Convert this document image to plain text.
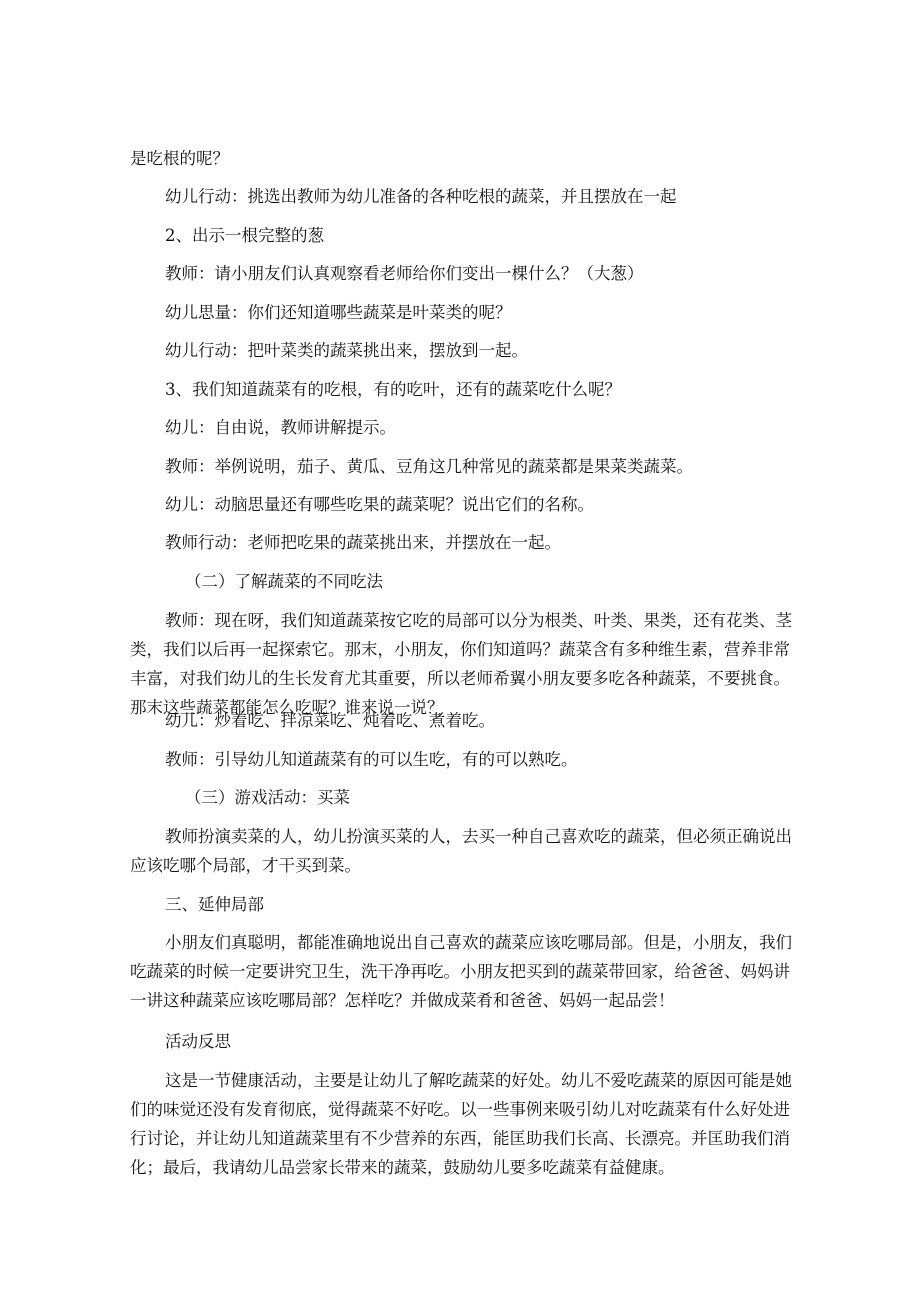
是吃根的呢？

幼儿行动：挑选出教师为幼儿准备的各种吃根的蔬菜，并且摆放在一起

2、出示一根完整的葱

教师：请小朋友们认真观察看老师给你们变出一棵什么？（大葱）

幼儿思量：你们还知道哪些蔬菜是叶菜类的呢？

幼儿行动：把叶菜类的蔬菜挑出来，摆放到一起。

3、我们知道蔬菜有的吃根，有的吃叶，还有的蔬菜吃什么呢？

幼儿：自由说，教师讲解提示。

教师：举例说明，茄子、黄瓜、豆角这几种常见的蔬菜都是果菜类蔬菜。

幼儿：动脑思量还有哪些吃果的蔬菜呢？说出它们的名称。

教师行动：老师把吃果的蔬菜挑出来，并摆放在一起。

（二）了解蔬菜的不同吃法

教师：现在呀，我们知道蔬菜按它吃的局部可以分为根类、叶类、果类，还有花类、茎类，我们以后再一起探索它。那末，小朋友，你们知道吗？蔬菜含有多种维生素，营养非常丰富，对我们幼儿的生长发育尤其重要，所以老师希翼小朋友要多吃各种蔬菜，不要挑食。那末这些蔬菜都能怎么吃呢？谁来说一说？

幼儿：炒着吃、拌凉菜吃、炖着吃、煮着吃。

教师：引导幼儿知道蔬菜有的可以生吃，有的可以熟吃。

（三）游戏活动：买菜

教师扮演卖菜的人，幼儿扮演买菜的人，去买一种自己喜欢吃的蔬菜，但必须正确说出应该吃哪个局部，才干买到菜。

三、延伸局部

小朋友们真聪明，都能准确地说出自己喜欢的蔬菜应该吃哪局部。但是，小朋友，我们吃蔬菜的时候一定要讲究卫生，洗干净再吃。小朋友把买到的蔬菜带回家，给爸爸、妈妈讲一讲这种蔬菜应该吃哪局部？怎样吃？并做成菜肴和爸爸、妈妈一起品尝！

活动反思

这是一节健康活动，主要是让幼儿了解吃蔬菜的好处。幼儿不爱吃蔬菜的原因可能是她们的味觉还没有发育彻底，觉得蔬菜不好吃。以一些事例来吸引幼儿对吃蔬菜有什么好处进行讨论，并让幼儿知道蔬菜里有不少营养的东西，能匡助我们长高、长漂亮。并匡助我们消化；最后，我请幼儿品尝家长带来的蔬菜，鼓励幼儿要多吃蔬菜有益健康。
